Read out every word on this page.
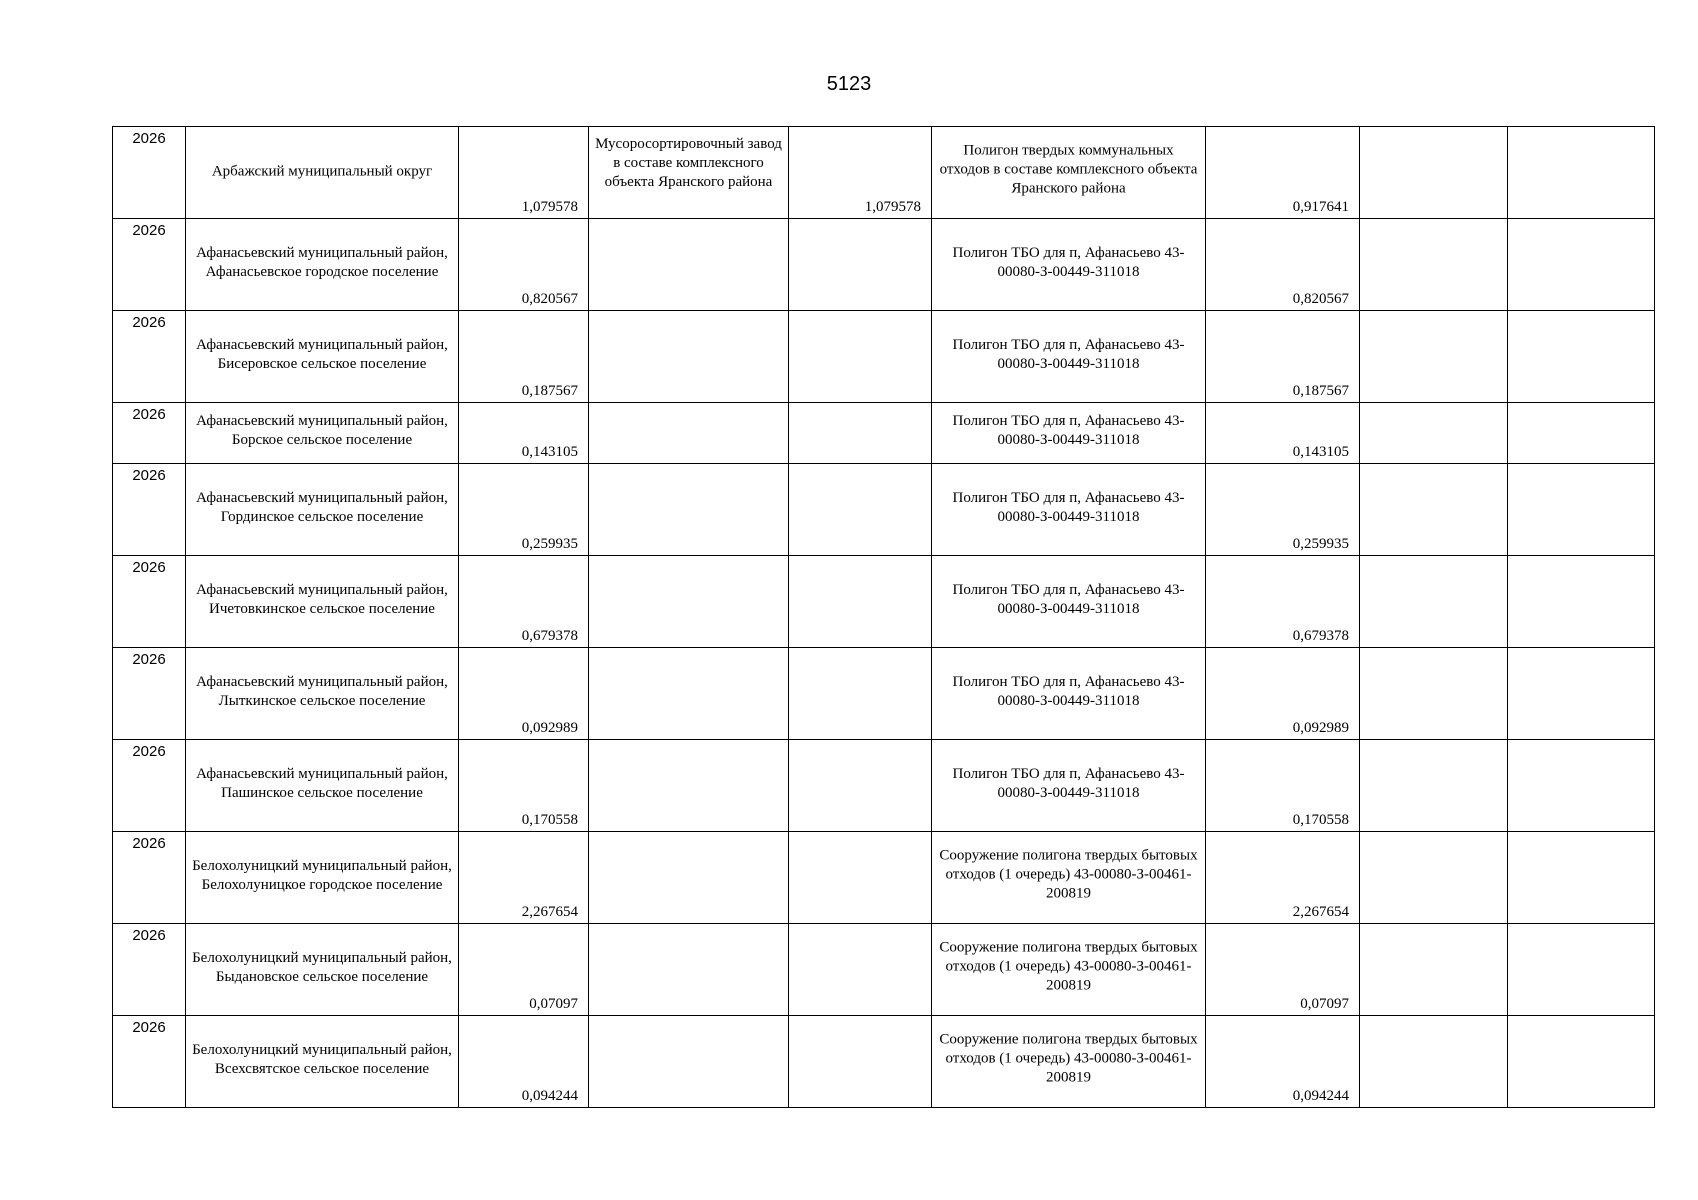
5123
2026	Арбажский муниципальный округ	1,079578	Мусоросортировочный завод в составе комплексного объекта Яранского района	1,079578	Полигон твердых коммунальных отходов в составе комплексного объекта Яранского района	0,917641		

2026	Афанасьевский муниципальный район, Афанасьевское городское поселение	0,820567			Полигон ТБО для п, Афанасьево 43-00080-З-00449-311018	0,820567		

2026	Афанасьевский муниципальный район, Бисеровское сельское поселение	0,187567			Полигон ТБО для п, Афанасьево 43-00080-З-00449-311018	0,187567		

2026	Афанасьевский муниципальный район, Борское сельское поселение	0,143105			Полигон ТБО для п, Афанасьево 43-00080-З-00449-311018	0,143105		

2026	Афанасьевский муниципальный район, Гординское сельское поселение	0,259935			Полигон ТБО для п, Афанасьево 43-00080-З-00449-311018	0,259935		

2026	Афанасьевский муниципальный район, Ичетовкинское сельское поселение	0,679378			Полигон ТБО для п, Афанасьево 43-00080-З-00449-311018	0,679378		

2026	Афанасьевский муниципальный район, Лыткинское сельское поселение	0,092989			Полигон ТБО для п, Афанасьево 43-00080-З-00449-311018	0,092989		

2026	Афанасьевский муниципальный район, Пашинское сельское поселение	0,170558			Полигон ТБО для п, Афанасьево 43-00080-З-00449-311018	0,170558		

2026	Белохолуницкий муниципальный район, Белохолуницкое городское поселение	2,267654			Сооружение полигона твердых бытовых отходов (1 очередь) 43-00080-З-00461-200819	2,267654		

2026	Белохолуницкий муниципальный район, Быдановское сельское поселение	0,07097			Сооружение полигона твердых бытовых отходов (1 очередь) 43-00080-З-00461-200819	0,07097		

2026	Белохолуницкий муниципальный район, Всехсвятское сельское поселение	0,094244			Сооружение полигона твердых бытовых отходов (1 очередь) 43-00080-З-00461-200819	0,094244		
